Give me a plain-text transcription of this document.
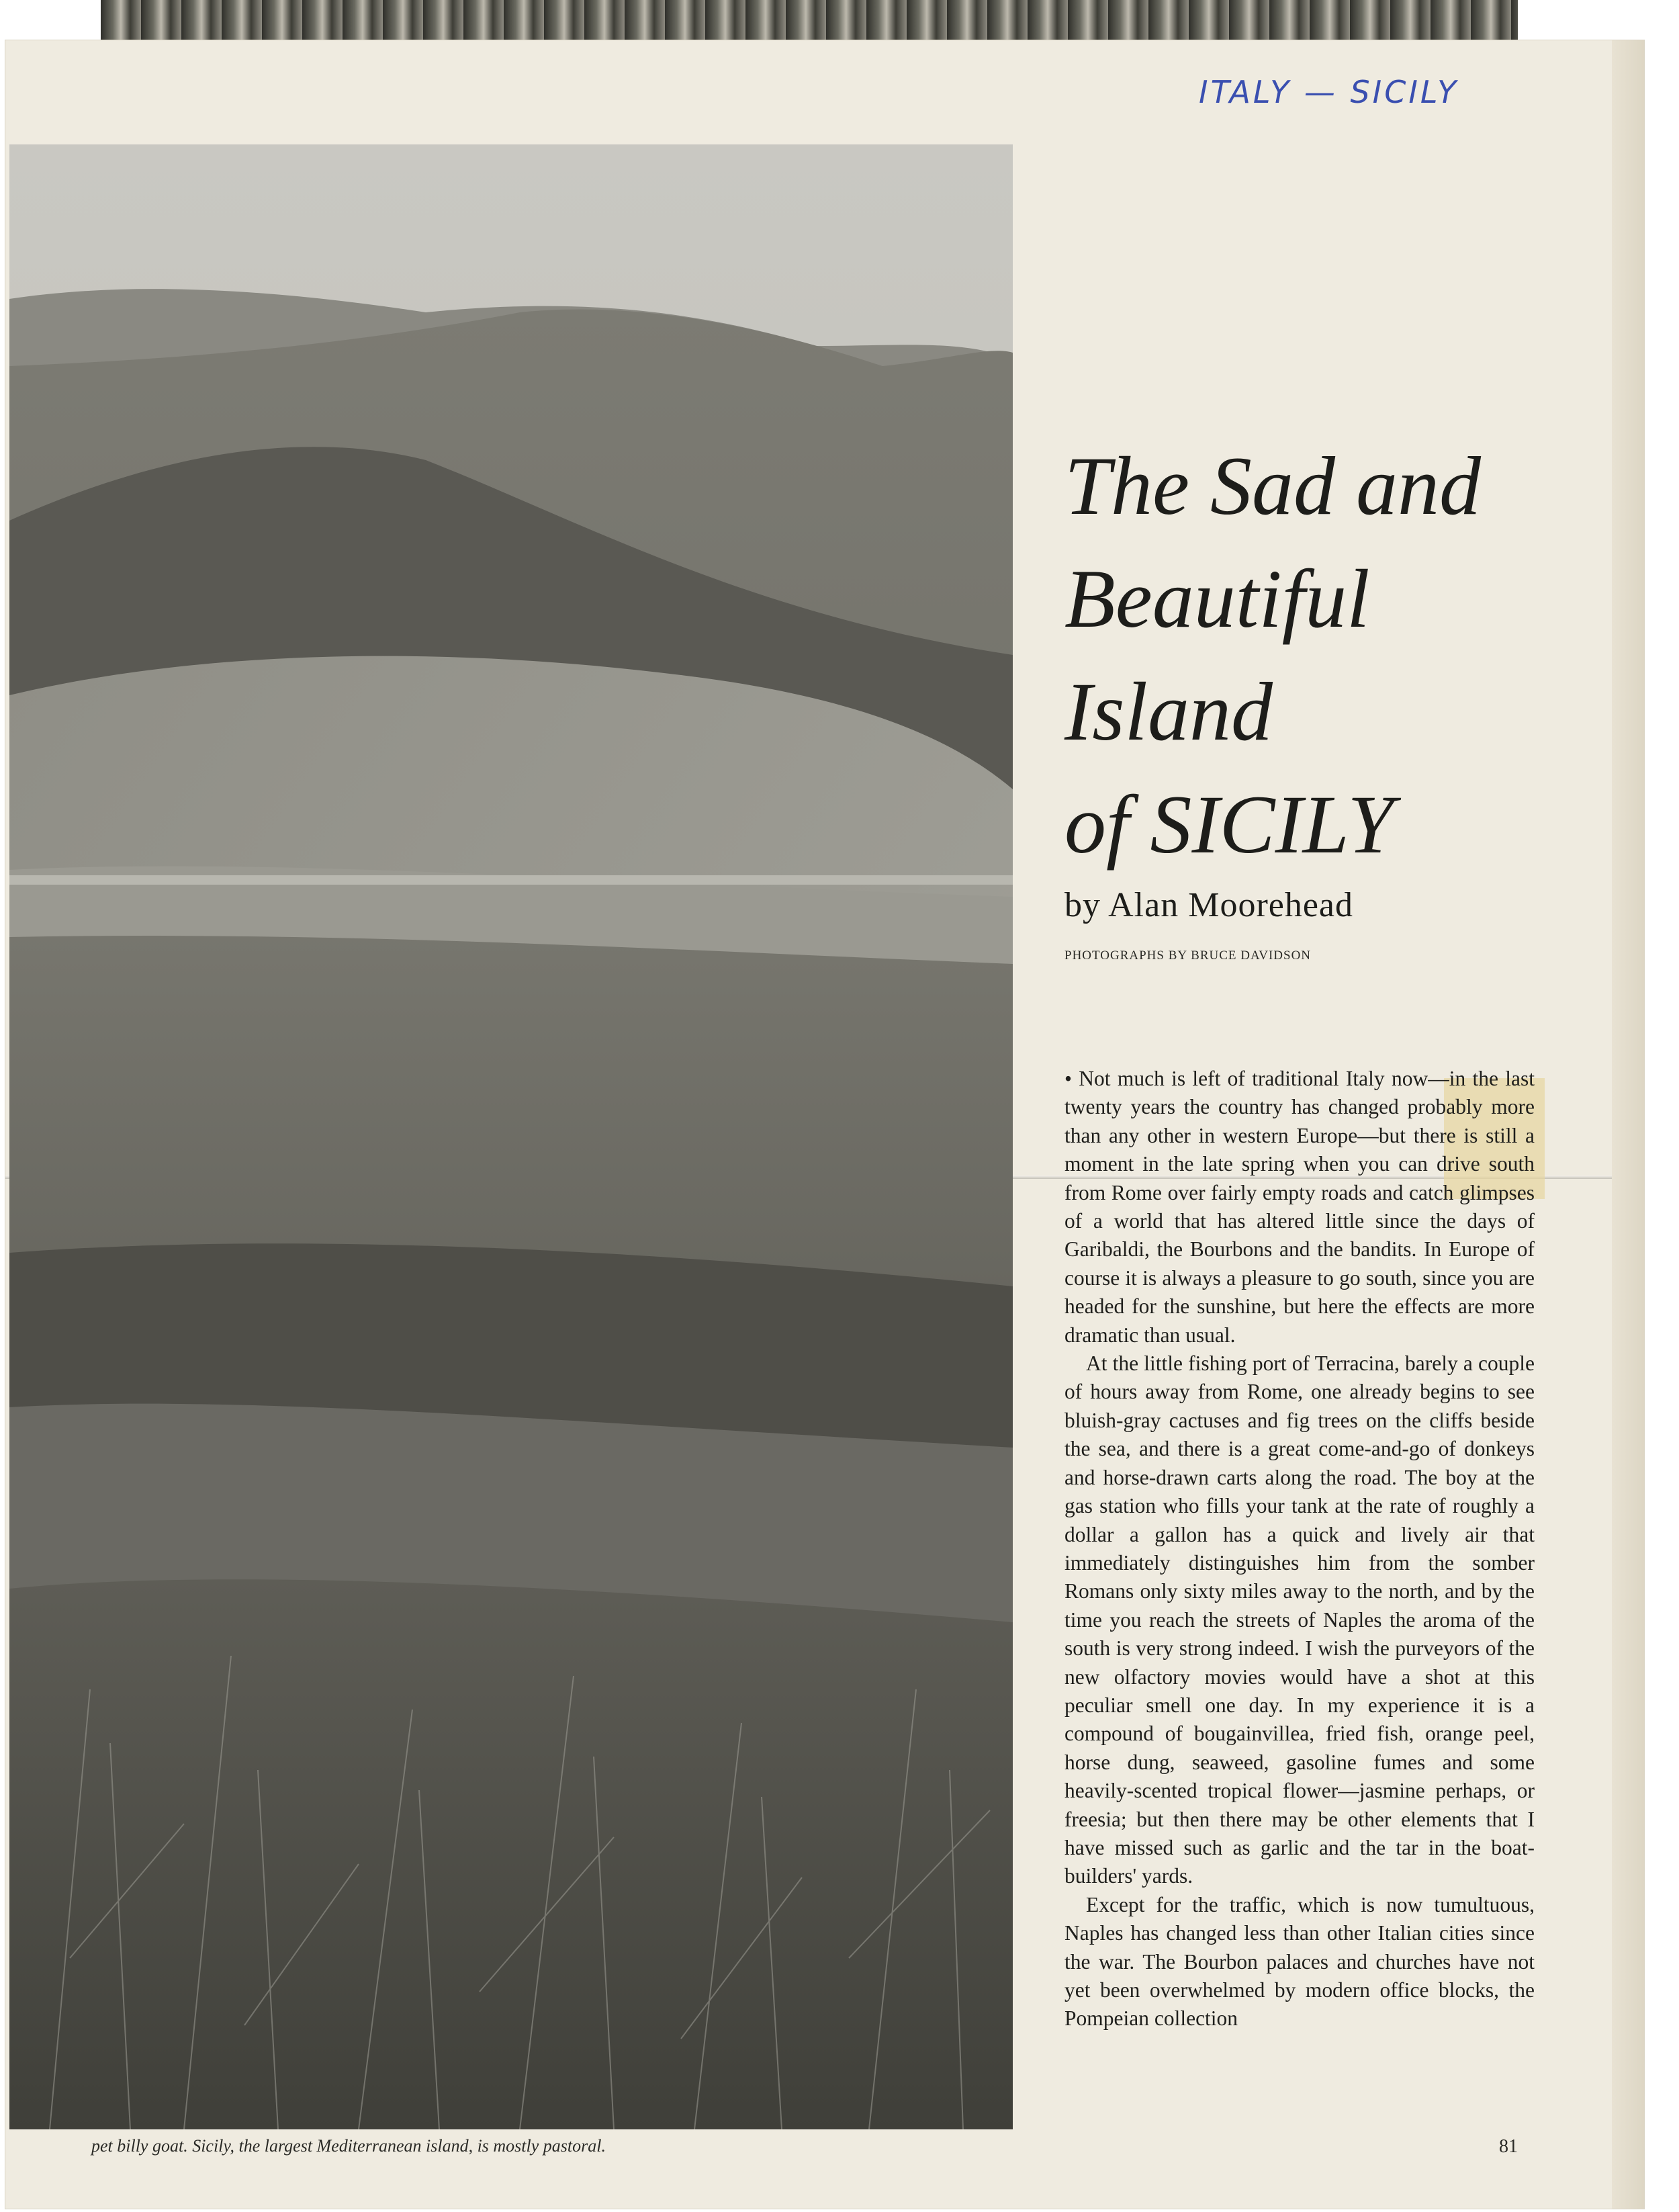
ITALY — SICILY
pet billy goat. Sicily, the largest Mediterranean island, is mostly pastoral.	81
The Sad and
Beautiful
Island
of SICILY
by Alan Moorehead
PHOTOGRAPHS BY BRUCE DAVIDSON

• Not much is left of traditional Italy now—in the last twenty years the country has changed probably more than any other in western Europe—but there is still a moment in the late spring when you can drive south from Rome over fairly empty roads and catch glimpses of a world that has altered little since the days of Garibaldi, the Bourbons and the bandits. In Europe of course it is always a pleasure to go south, since you are headed for the sunshine, but here the effects are more dramatic than usual.

At the little fishing port of Terracina, barely a couple of hours away from Rome, one already begins to see bluish-gray cactuses and fig trees on the cliffs beside the sea, and there is a great come-and-go of donkeys and horse-drawn carts along the road. The boy at the gas station who fills your tank at the rate of roughly a dollar a gallon has a quick and lively air that immediately distinguishes him from the somber Romans only sixty miles away to the north, and by the time you reach the streets of Naples the aroma of the south is very strong indeed. I wish the purveyors of the new olfactory movies would have a shot at this peculiar smell one day. In my experience it is a compound of bougainvillea, fried fish, orange peel, horse dung, seaweed, gasoline fumes and some heavily-scented tropical flower—jasmine perhaps, or freesia; but then there may be other elements that I have missed such as garlic and the tar in the boat-builders' yards.

Except for the traffic, which is now tumultuous, Naples has changed less than other Italian cities since the war. The Bourbon palaces and churches have not yet been overwhelmed by modern office blocks, the Pompeian collection
